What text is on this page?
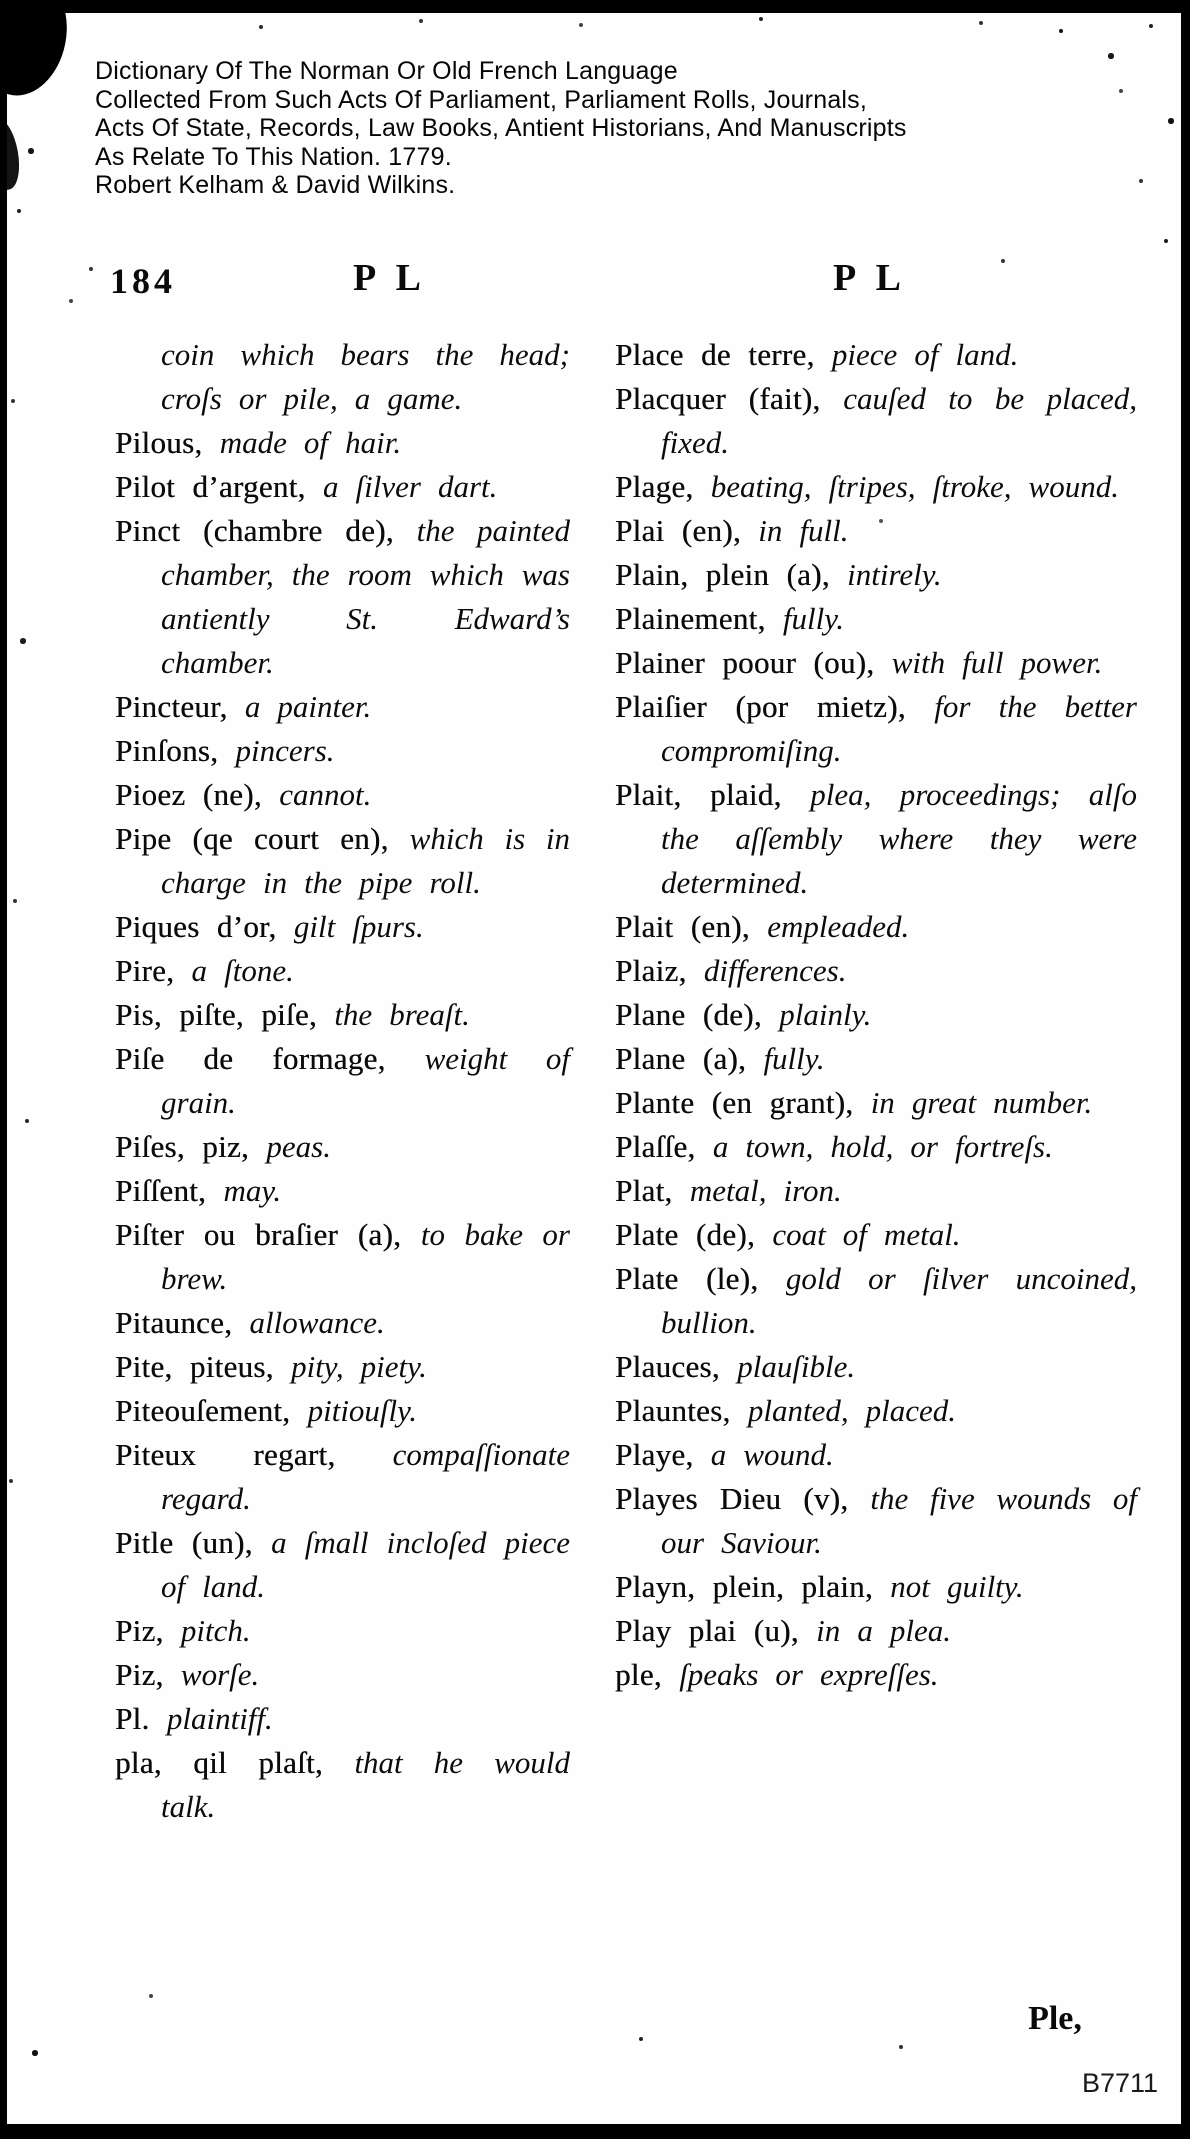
Dictionary Of The Norman Or Old French Language
Collected From Such Acts Of Parliament, Parliament Rolls, Journals,
Acts Of State, Records, Law Books, Antient Historians, And Manuscripts
As Relate To This Nation. 1779.
Robert Kelham & David Wilkins.
184	P L	P L
coin which bears the head; croſs or pile, a game.
Pilous, made of hair.
Pilot d’argent, a ſilver dart.
Pinct (chambre de), the painted chamber, the room which was antiently St. Edward’s chamber.
Pincteur, a painter.
Pinſons, pincers.
Pioez (ne), cannot.
Pipe (qe court en), which is in charge in the pipe roll.
Piques d’or, gilt ſpurs.
Pire, a ſtone.
Pis, piſte, piſe, the breaſt.
Piſe de formage, weight of grain.
Piſes, piz, peas.
Piſſent, may.
Piſter ou braſier (a), to bake or brew.
Pitaunce, allowance.
Pite, piteus, pity, piety.
Piteouſement, pitiouſly.
Piteux regart, compaſſionate regard.
Pitle (un), a ſmall incloſed piece of land.
Piz, pitch.
Piz, worſe.
Pl. plaintiff.
pla, qil plaſt, that he would talk.
Place de terre, piece of land.
Placquer (fait), cauſed to be placed, fixed.
Plage, beating, ſtripes, ſtroke, wound.
Plai (en), in full.
Plain, plein (a), intirely.
Plainement, fully.
Plainer poour (ou), with full power.
Plaiſier (por mietz), for the better compromiſing.
Plait, plaid, plea, proceedings; alſo the aſſembly where they were determined.
Plait (en), empleaded.
Plaiz, differences.
Plane (de), plainly.
Plane (a), fully.
Plante (en grant), in great number.
Plaſſe, a town, hold, or fortreſs.
Plat, metal, iron.
Plate (de), coat of metal.
Plate (le), gold or ſilver uncoined, bullion.
Plauces, plauſible.
Plauntes, planted, placed.
Playe, a wound.
Playes Dieu (v), the five wounds of our Saviour.
Playn, plein, plain, not guilty.
Play plai (u), in a plea.
ple, ſpeaks or expreſſes.
Ple,
B7711
